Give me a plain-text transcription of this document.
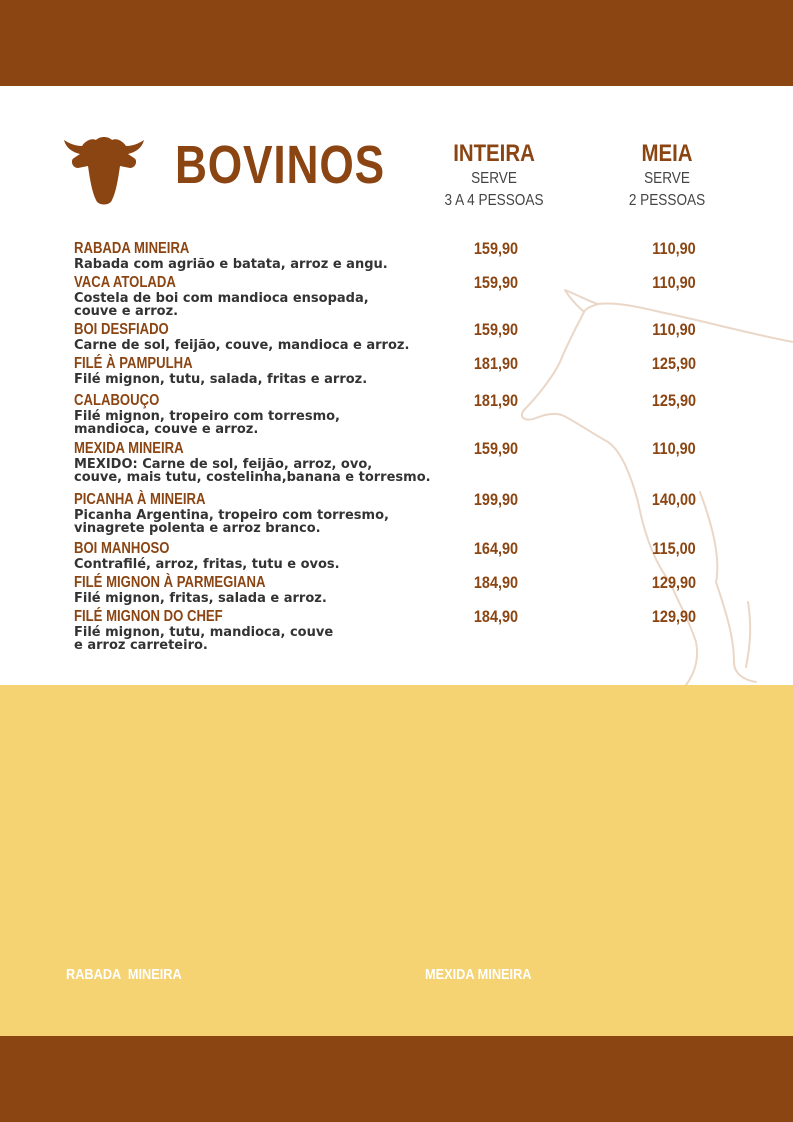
BOVINOS	INTEIRA
SERVE
3 A 4 PESSOAS
MEIA
SERVE
2 PESSOAS
RABADA MINEIRA
Rabada com agrião e batata, arroz e angu.
159,90	110,90
VACA ATOLADA
Costela de boi com mandioca ensopada,
couve e arroz.
159,90	110,90
BOI DESFIADO
Carne de sol, feijão, couve, mandioca e arroz.
159,90	110,90
FILÉ À PAMPULHA
Filé mignon, tutu, salada, fritas e arroz.
181,90	125,90
CALABOUÇO
Filé mignon, tropeiro com torresmo,
mandioca, couve e arroz.
181,90	125,90
MEXIDA MINEIRA
MEXIDO: Carne de sol, feijão, arroz, ovo,
couve, mais tutu, costelinha,banana e torresmo.
159,90	110,90
PICANHA À MINEIRA
Picanha Argentina, tropeiro com torresmo,
vinagrete polenta e arroz branco.
199,90	140,00
BOI MANHOSO
Contrafilé, arroz, fritas, tutu e ovos.
164,90	115,00
FILÉ MIGNON À PARMEGIANA
Filé mignon, fritas, salada e arroz.
184,90	129,90
FILÉ MIGNON DO CHEF
Filé mignon, tutu, mandioca, couve
e arroz carreteiro.
184,90	129,90
RABADA  MINEIRA	MEXIDA MINEIRA
